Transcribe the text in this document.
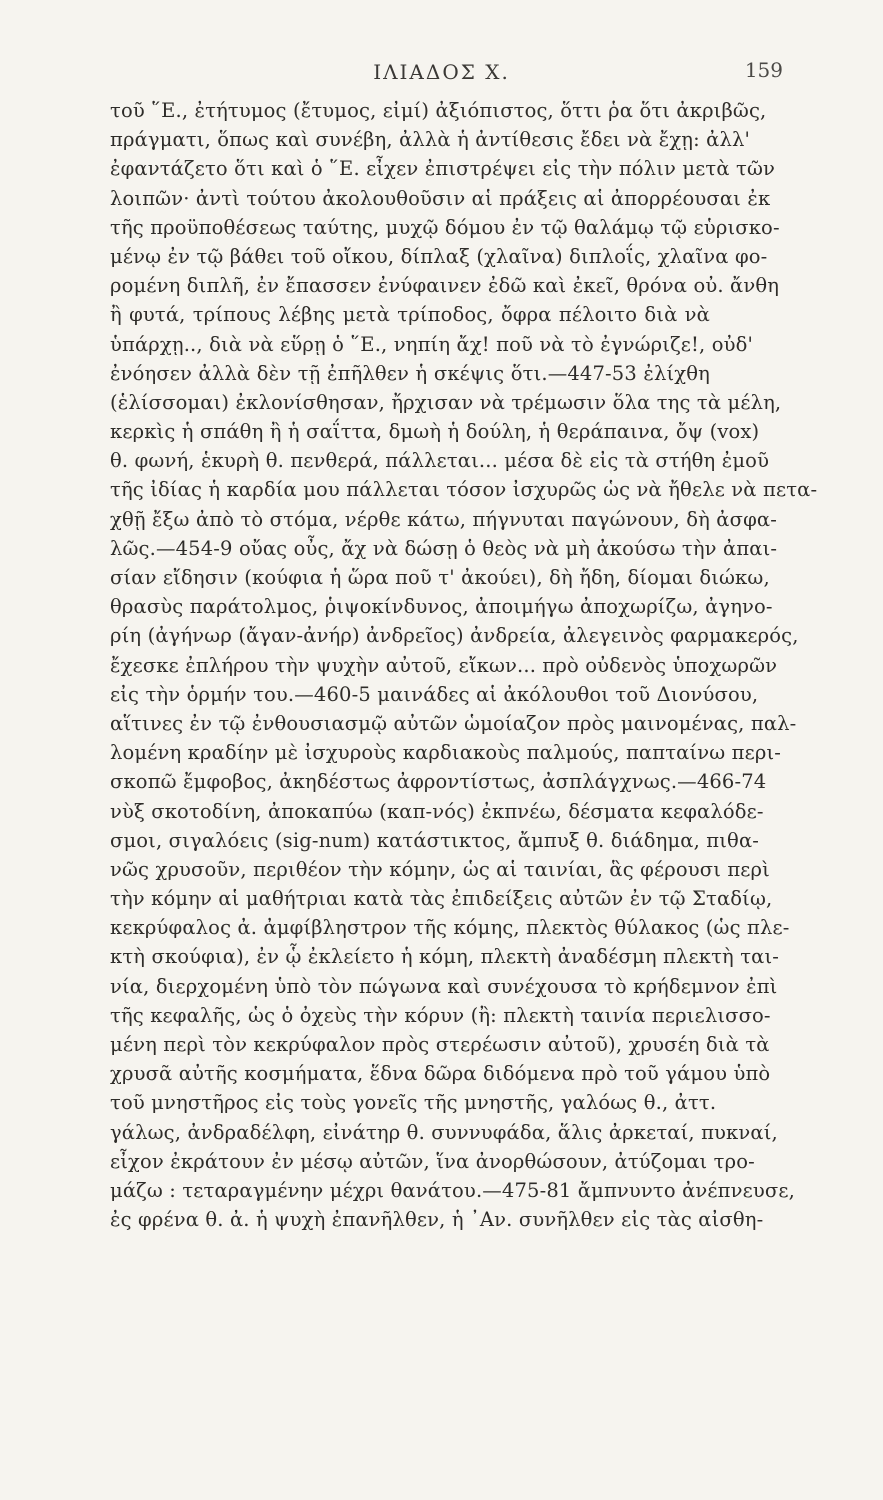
ΙΛΙΑΔΟΣ Χ.	159
τοῦ ῞Ε., ἐτήτυμος (ἔτυμος, εἰμί) ἀξιόπιστος, ὅττι ῥα ὅτι ἀκριβῶς,
πράγματι, ὅπως καὶ συνέβη, ἀλλὰ ἡ ἀντίθεσις ἔδει νὰ ἔχῃ: ἀλλ'
ἐφαντάζετο ὅτι καὶ ὁ ῞Ε. εἶχεν ἐπιστρέψει εἰς τὴν πόλιν μετὰ τῶν
λοιπῶν· ἀντὶ τούτου ἀκολουθοῦσιν αἱ πράξεις αἱ ἀπορρέουσαι ἐκ
τῆς προϋποθέσεως ταύτης, μυχῷ δόμου ἐν τῷ θαλάμῳ τῷ εὑρισκο-
μένῳ ἐν τῷ βάθει τοῦ οἴκου, δίπλαξ (χλαῖνα) διπλοΐς, χλαῖνα φο-
ρομένη διπλῆ, ἐν ἔπασσεν ἐνύφαινεν ἐδῶ καὶ ἐκεῖ, θρόνα οὐ. ἄνθη
ἢ φυτά, τρίπους λέβης μετὰ τρίποδος, ὄφρα πέλοιτο διὰ νὰ
ὑπάρχῃ.., διὰ νὰ εὕρῃ ὁ ῞Ε., νηπίη ἄχ! ποῦ νὰ τὸ ἐγνώριζε!, οὐδ'
ἐνόησεν ἀλλὰ δὲν τῇ ἐπῆλθεν ἡ σκέψις ὅτι.—447-53 ἐλίχθη
(ἑλίσσομαι) ἐκλονίσθησαν, ἤρχισαν νὰ τρέμωσιν ὅλα της τὰ μέλη,
κερκὶς ἡ σπάθη ἢ ἡ σαΐττα, δμωὴ ἡ δούλη, ἡ θεράπαινα, ὄψ (vox)
θ. φωνή, ἑκυρὴ θ. πενθερά, πάλλεται... μέσα δὲ εἰς τὰ στήθη ἐμοῦ
τῆς ἰδίας ἡ καρδία μου πάλλεται τόσον ἰσχυρῶς ὡς νὰ ἤθελε νὰ πετα-
χθῇ ἔξω ἀπὸ τὸ στόμα, νέρθε κάτω, πήγνυται παγώνουν, δὴ ἀσφα-
λῶς.—454-9 οὔας οὖς, ἄχ νὰ δώσῃ ὁ θεὸς νὰ μὴ ἀκούσω τὴν ἀπαι-
σίαν εἴδησιν (κούφια ἡ ὥρα ποῦ τ' ἀκούει), δὴ ἤδη, δίομαι διώκω,
θρασὺς παράτολμος, ῥιψοκίνδυνος, ἀποιμήγω ἀποχωρίζω, ἀγηνο-
ρίη (ἀγήνωρ (ἄγαν-ἀνήρ) ἀνδρεῖος) ἀνδρεία, ἀλεγεινὸς φαρμακερός,
ἔχεσκε ἐπλήρου τὴν ψυχὴν αὐτοῦ, εἴκων... πρὸ οὐδενὸς ὑποχωρῶν
εἰς τὴν ὁρμήν του.—460-5 μαινάδες αἱ ἀκόλουθοι τοῦ Διονύσου,
αἵτινες ἐν τῷ ἐνθουσιασμῷ αὐτῶν ὡμοίαζον πρὸς μαινομένας, παλ-
λομένη κραδίην μὲ ἰσχυροὺς καρδιακοὺς παλμούς, παπταίνω περι-
σκοπῶ ἔμφοβος, ἀκηδέστως ἀφροντίστως, ἀσπλάγχνως.—466-74
νὺξ σκοτοδίνη, ἀποκαπύω (καπ-νός) ἐκπνέω, δέσματα κεφαλόδε-
σμοι, σιγαλόεις (sig-num) κατάστικτος, ἄμπυξ θ. διάδημα, πιθα-
νῶς χρυσοῦν, περιθέον τὴν κόμην, ὡς αἱ ταινίαι, ἃς φέρουσι περὶ
τὴν κόμην αἱ μαθήτριαι κατὰ τὰς ἐπιδείξεις αὐτῶν ἐν τῷ Σταδίῳ,
κεκρύφαλος ἀ. ἀμφίβληστρον τῆς κόμης, πλεκτὸς θύλακος (ὡς πλε-
κτὴ σκούφια), ἐν ᾧ ἐκλείετο ἡ κόμη, πλεκτὴ ἀναδέσμη πλεκτὴ ται-
νία, διερχομένη ὑπὸ τὸν πώγωνα καὶ συνέχουσα τὸ κρήδεμνον ἐπὶ
τῆς κεφαλῆς, ὡς ὁ ὀχεὺς τὴν κόρυν (ἢ: πλεκτὴ ταινία περιελισσο-
μένη περὶ τὸν κεκρύφαλον πρὸς στερέωσιν αὐτοῦ), χρυσέη διὰ τὰ
χρυσᾶ αὐτῆς κοσμήματα, ἕδνα δῶρα διδόμενα πρὸ τοῦ γάμου ὑπὸ
τοῦ μνηστῆρος εἰς τοὺς γονεῖς τῆς μνηστῆς, γαλόως θ., ἀττ.
γάλως, ἀνδραδέλφη, εἰνάτηρ θ. συννυφάδα, ἅλις ἀρκεταί, πυκναί,
εἶχον ἐκράτουν ἐν μέσῳ αὐτῶν, ἵνα ἀνορθώσουν, ἀτύζομαι τρο-
μάζω : τεταραγμένην μέχρι θανάτου.—475-81 ἄμπνυντο ἀνέπνευσε,
ἐς φρένα θ. ἀ. ἡ ψυχὴ ἐπανῆλθεν, ἡ ᾿Αν. συνῆλθεν εἰς τὰς αἰσθη-
